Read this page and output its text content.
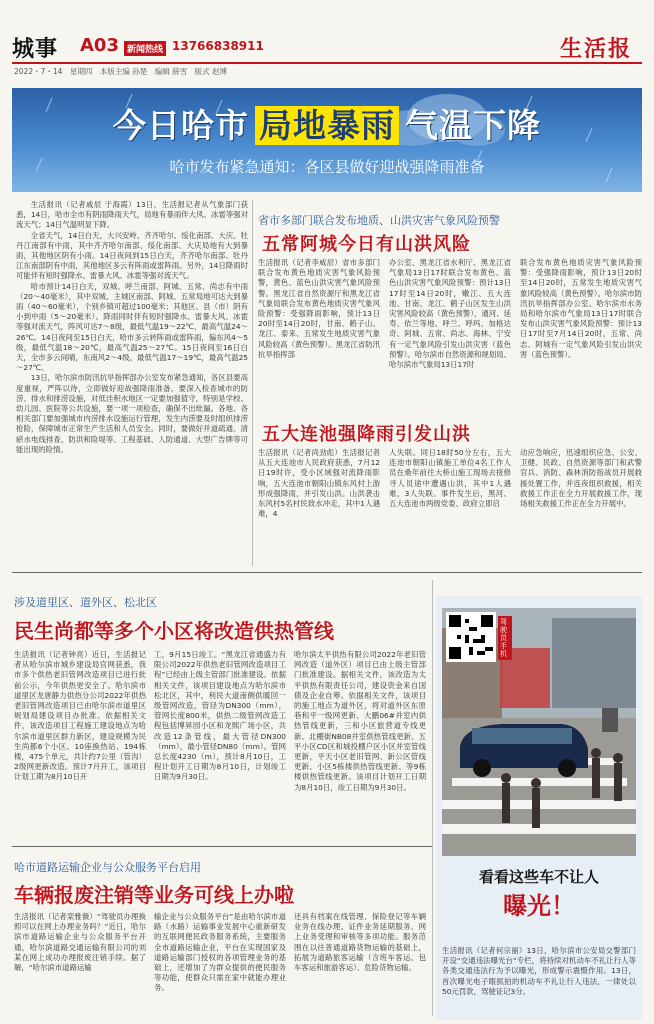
城事 A03 新闻热线 13766838911	生活报
2022・7・14　星期四　本版主编 孙楚　编辑 薛雪　版式 赵博
今日哈市 局地暴雨 气温下降
哈市发布紧急通知：各区县做好迎战强降雨准备

生活报讯（记者戚辰 于海霞）13日，生活报记者从气象部门获悉，14日，哈市全市有阴雨降雨天气，局地有暴雨伴大风、冰雹等强对流天气；14日气温明显下降。

全省天气，14日白天，大兴安岭、齐齐哈尔、绥化南部、大庆、牡丹江南部有中雨，其中齐齐哈尔南部、绥化南部、大庆局地有大到暴雨，其他地区阴有小雨。14日夜间到15日白天，齐齐哈尔南部、牡丹江东南部阴有中雨，其他地区多云有阵雨或雷阵雨。另外，14日降雨时可能伴有短时强降水、雷暴大风、冰雹等强对流天气。

哈市预计14日白天，双城、呼兰南部、阿城、五常、尚志有中雨（20～40毫米），其中双城、主城区南部、阿城、五常局地可达大到暴雨（40～60毫米），个别乡镇可超过100毫米；其他区、县（市）阴有小到中雨（5～20毫米）。降雨同时伴有短时强降水、雷暴大风、冰雹等强对流天气，阵风可达7～8级，最低气温19～22℃，最高气温24～26℃。14日夜间至15日白天，哈市多云转阵雨或雷阵雨，偏东风4～5级，最低气温18～20℃，最高气温25～27℃。15日夜间至16日白天，全市多云间晴，东南风2～4级，最低气温17～19℃，最高气温25～27℃。

13日，哈尔滨市防汛抗旱指挥部办公室发布紧急通知，各区县要高度重视，严阵以待，立即做好迎战强降雨准备。要深入检查城市的防涝、排水和排涝设施，对低洼积水地区一定要加强值守，特别是学校、幼儿园、医院等公共设施，要一项一项检查，确保不出纰漏。各地、各相关部门要加强城市内涝排水设施运行管理，发生内涝要及时组织排涝抢险，保障城市正常生产生活和人员安全。同时，要做好并道疏通、清瘀水电线排查、防洪和险堤等、工程基础、人防通道、大型广告牌等可能出现的险情。

省市多部门联合发布地质、山洪灾害气象风险预警
五常阿城今日有山洪风险
生活报讯（记者李威辰）省市多部门联合发布黄色地质灾害气象风险预警，黄色、蓝色山洪灾害气象风险预警。黑龙江省自然资源厅和黑龙江省气象局联合发布黄色地质灾害气象风险预警：受强降雨影响，预计13日20时至14日20时，甘南、鹤子山、龙江、泰来、五常发生地质灾害气象风险较高（黄色预警）。黑龙江省防汛抗旱指挥部
办公室、黑龙江省水利厅、黑龙江省气象局13日17时联合发布黄色、蓝色山洪灾害气象风险预警：预计13日17时至14日20时，嫩江、五大连池、甘南、龙江、鹤子山区发生山洪灾害风险较高（黄色预警），通河、延寿、依兰等地、呼兰、呼玛、加格达奇、阿城、五常、尚志、海林、宁安有一定气象风险引发山洪灾害（蓝色预警）。哈尔滨市自然资源和规划局、哈尔滨市气象局13日17时
联合发布黄色地质灾害气象风险预警：受强降雨影响，预计13日20时至14日20时，五常发生地质灾害气象风险较高（黄色预警）。哈尔滨市防汛抗旱指挥部办公室、哈尔滨市水务局和哈尔滨市气象局13日17时联合发布山洪灾害气象风险预警：预计13日17时至7月14日20时，五常、尚志、阿城有一定气象风险引发山洪灾害（蓝色预警）。
五大连池强降雨引发山洪
生活报讯（记者尚劲彪）生活报记者从五大连池市人民政府获悉，7月12日19时许，受小区域强对流降雨影响，五大连池市朝阳山镇东风村上游形成强降雨，并引发山洪。山洪袭击东风村5名村民致水冲走，其中1人遇难，4
人失联。同日18时50分左右，五大连池市朝阳山镇施工单位4名工作人员在桑年前往大桥山施工现场去接修寻人员途中遭遇山洪，其中1人遇难，3人失联。事件发生后，黑河、五大连池市两级党委、政府立即启
动应急响应，迅速组织应急、公安、卫健、民政、自然资源等部门和武警官兵、消防、森林消防指战员开展救援处置工作，并连夜组织救援，相关救援工作正在全力开展救援工作，现场相关救援工作正在全力开展中。
涉及道里区、道外区、松北区
民生尚都等多个小区将改造供热管线
生活报讯（记者钟亮）近日，生活报记者从哈尔滨市城乡建设局官网获悉，我市多个供热老旧管网改造项目已进行批前公示，今年供热更安全了。哈尔滨市道里区龙唐静力供热分公司2022年供热老旧管网改造项目已由哈尔滨市道里区规划局建设项目办批准。依据相关文件，该改造项目工程施工建设地点为哈尔滨市道里区群力新区，建设规模为民生尚都6个小区、10座换热站、194栋楼，475个单元，共计约7公里（管沟）2级网更新改造。预计7月开工，该项目计划工期为8月10日开
工，9月15日竣工。“黑龙江省通盛力有限公司2022年供热老旧管网改造项目工程”已经由上级主管部门批准建设。依据相关文件，该项目建设地点为哈尔滨市松北区，其中，利民大道南侧供暖回一级管网改造，管径为DN300（mm），管网长度800米，供热二级管网改造工程包括博昇园小区和龙熙广场小区，共改造12条管线，最大管径DN300（mm），最小管径DN80（mm）。管网总长度4230（m），预计8月10日，工程计划开工日期为8月10日，计划竣工日期为9月30日。
哈尔滨太平供热有限公司2022年老旧管网改造（道外区）项目已由上级主管部门批准建设。据相关文件，该改造为太平供热有限责任公司，建设资金来自国债及企业自筹。依据相关文件，该项目的施工地点为道外区，将对道外区东原巷和平一级网更新、大鹏06#并室内供热管线更新，三和小区旅营道专线更新、北棚街NB08并室供热管线更新、五平小区CD区和城投棚户区小区并室管线更新，平天小区老旧管网、新公区管线更新、小区5栋楼供热管线更新、等9栋楼供热管线更新。该项目计划开工日期为8月10日，竣工日期为9月30日。
哈市道路运输企业与公众服务平台启用
车辆报废注销等业务可线上办啦
生活报讯（记者栾雅薇）“驾驶员办理换照可以在网上办理业务吗？”近日，哈尔滨市道路运输企业与公众服务平台开通，哈尔滨道路交通运输有限公司的刘某在网上成功办理报废注销手续。据了解，“哈尔滨市道路运输
输企业与公众服务平台”是由哈尔滨市道路（水路）运输事业发展中心重新研发的互联网便民政务服务系统，主要服务全市道路运输企业，平台在实现国家及道路运输部门授权的各项管理业务的基础上，还增加了为群众提供的便民服务等功能，使群众只需在家中就能办理业务。
还具有档案在线管理、保险登记等车辆业务在线办理、证件业务延期服务、网上业务受理和审核等多项功能。服务范围在以往普通道路货物运输的基础上，拓展为道路旅客运输（含班车客运、包车客运和旅游客运）、危险货物运输。
驾驶员手机
看看这些车不让人
曝光！
生活报讯（记者何宗丽）13日，哈尔滨市公安局交警部门开设“交通违法曝光台”专栏，将持续对机动车不礼让行人等各类交通违法行为予以曝光，形成警示震慑作用。13日，首次曝光电子眼抓拍的机动车不礼让行人违法，一律处以50元罚款，驾驶证记3分。
